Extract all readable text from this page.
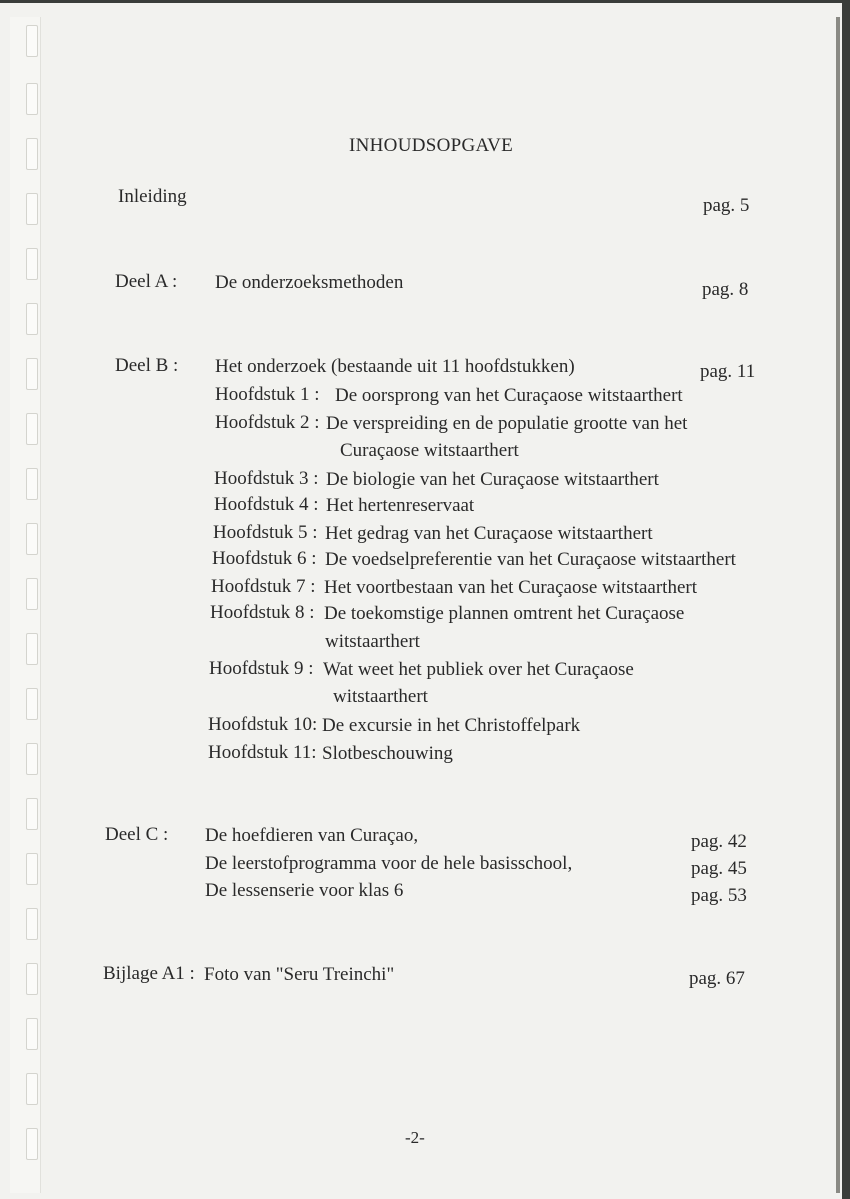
INHOUDSOPGAVE
Inleiding	pag. 5
Deel A : De onderzoeksmethoden	pag. 8
Deel B : Het onderzoek (bestaande uit 11 hoofdstukken)	pag. 11
Hoofdstuk 1 : De oorsprong van het Curaçaose witstaarthert
Hoofdstuk 2 : De verspreiding en de populatie grootte van het
Curaçaose witstaarthert
Hoofdstuk 3 : De biologie van het Curaçaose witstaarthert
Hoofdstuk 4 : Het hertenreservaat
Hoofdstuk 5 : Het gedrag van het Curaçaose witstaarthert
Hoofdstuk 6 : De voedselpreferentie van het Curaçaose witstaarthert
Hoofdstuk 7 : Het voortbestaan van het Curaçaose witstaarthert
Hoofdstuk 8 : De toekomstige plannen omtrent het Curaçaose
witstaarthert
Hoofdstuk 9 : Wat weet het publiek over het Curaçaose
witstaarthert
Hoofdstuk 10: De excursie in het Christoffelpark
Hoofdstuk 11: Slotbeschouwing
Deel C : De hoefdieren van Curaçao,	pag. 42
De leerstofprogramma voor de hele basisschool,	pag. 45
De lessenserie voor klas 6	pag. 53
Bijlage A1 : Foto van "Seru Treinchi"	pag. 67
-2-
